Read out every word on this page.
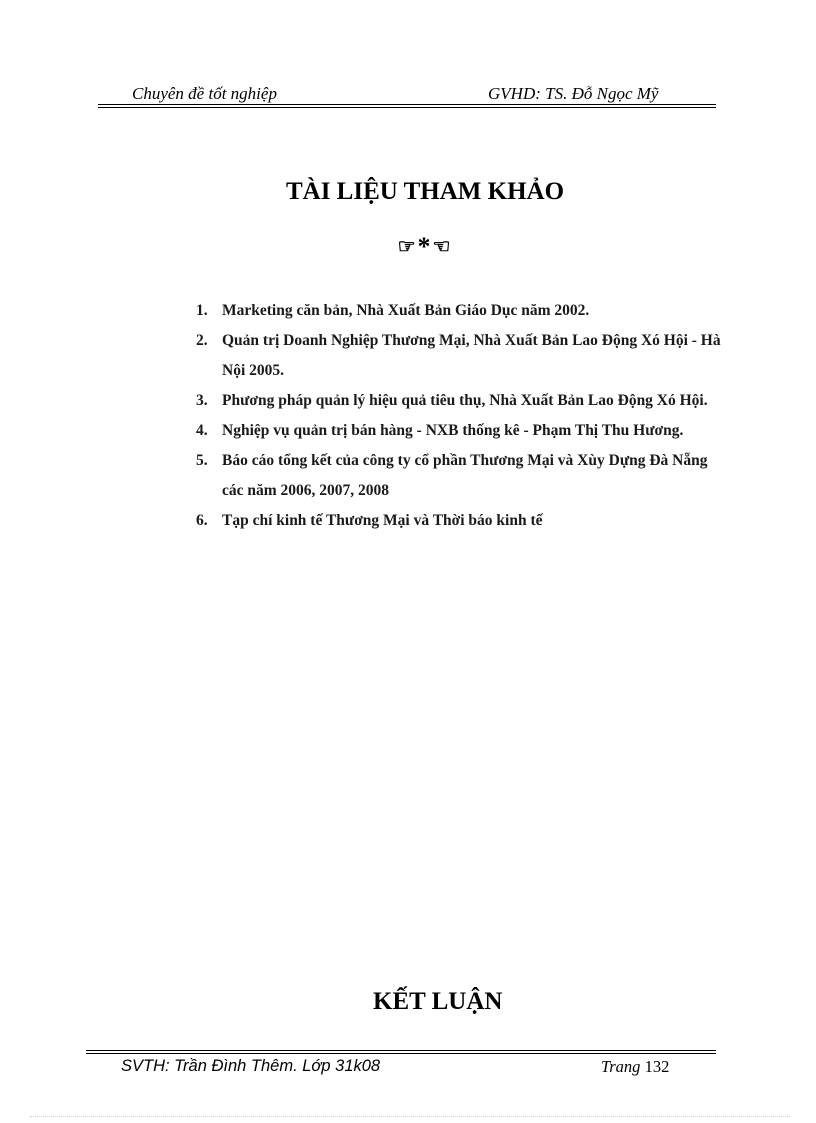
Chuyên đề tốt nghiệp	GVHD: TS. Đỗ Ngọc Mỹ
TÀI LIỆU THAM KHẢO
☞*☜
1. Marketing căn bản, Nhà Xuất Bản Giáo Dục năm 2002.
2. Quản trị Doanh Nghiệp Thương Mại, Nhà Xuất Bản Lao Động Xó Hội - Hà Nội 2005.
3. Phương pháp quản lý hiệu quả tiêu thụ, Nhà Xuất Bản Lao Động Xó Hội.
4. Nghiệp vụ quản trị bán hàng - NXB thống kê - Phạm Thị Thu Hương.
5. Báo cáo tổng kết của công ty cổ phần Thương Mại và Xùy Dựng Đà Nẵng các năm 2006, 2007, 2008
6. Tạp chí kinh tế Thương Mại và Thời báo kinh tế
KẾT LUẬN
SVTH: Trần Đình Thêm. Lớp 31k08	Trang 132
